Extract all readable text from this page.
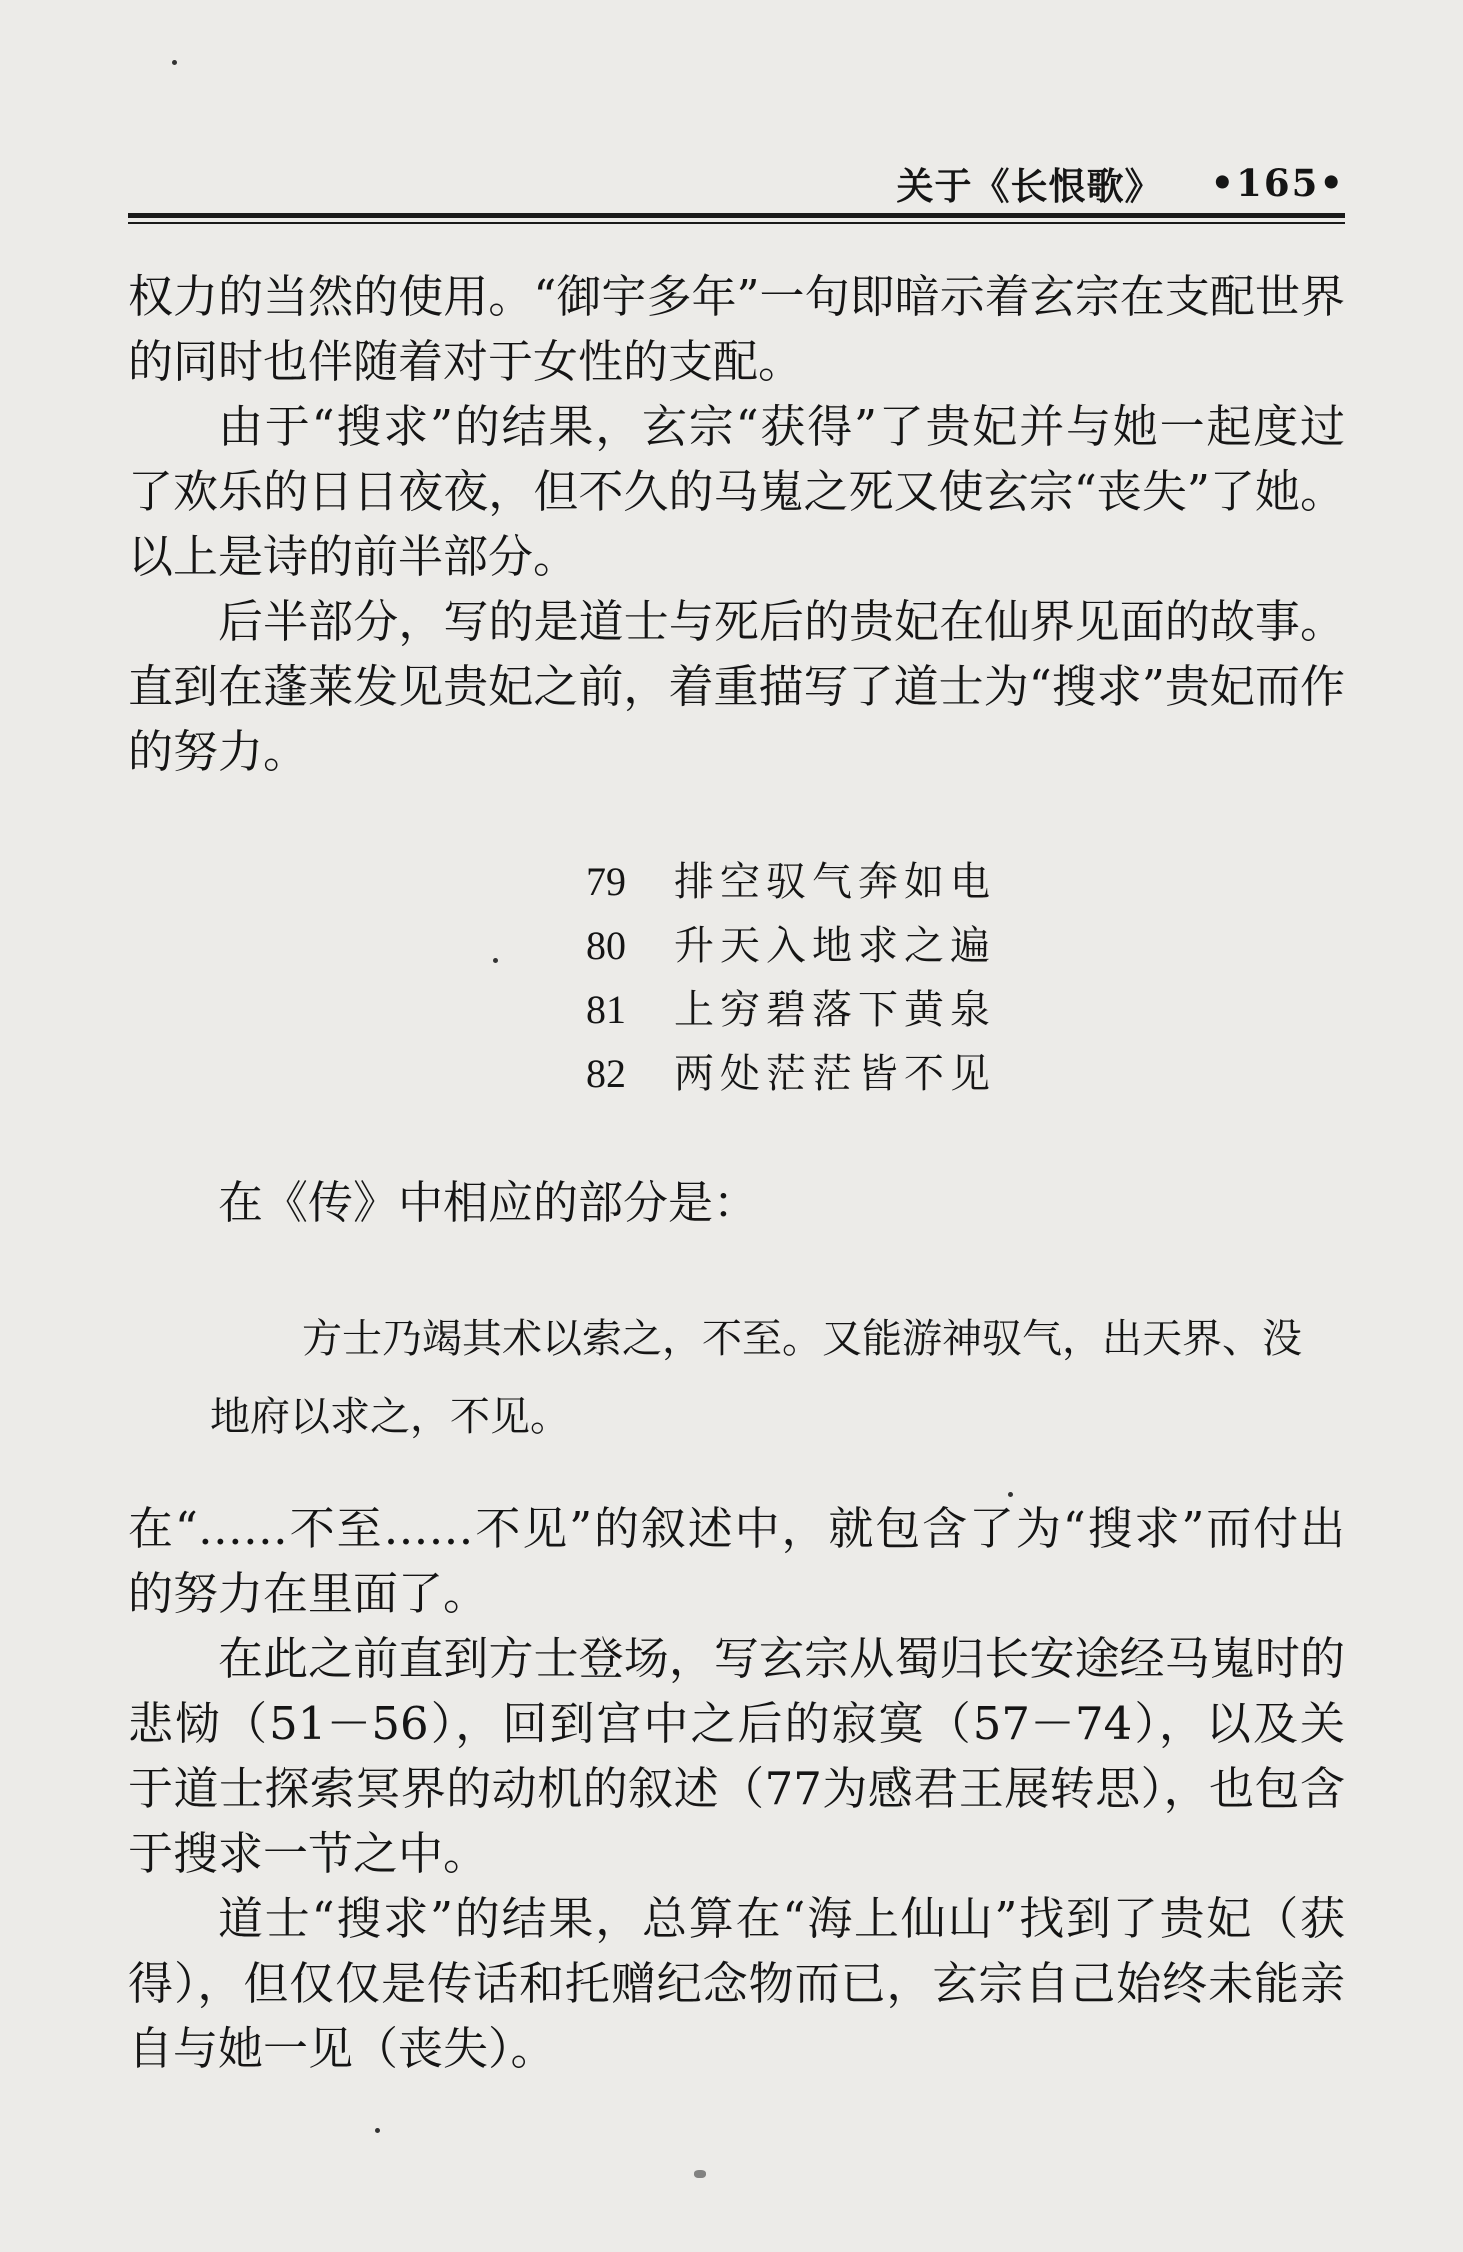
关于《长恨歌》 •165•

权力的当然的使用。“御宇多年”一句即暗示着玄宗在支配世界的同时也伴随着对于女性的支配。

由于“搜求”的结果，玄宗“获得”了贵妃并与她一起度过了欢乐的日日夜夜，但不久的马嵬之死又使玄宗“丧失”了她。以上是诗的前半部分。

后半部分，写的是道士与死后的贵妃在仙界见面的故事。直到在蓬莱发见贵妃之前，着重描写了道士为“搜求”贵妃而作的努力。

79 排空驭气奔如电
80 升天入地求之遍
81 上穷碧落下黄泉
82 两处茫茫皆不见

在《传》中相应的部分是：

方士乃竭其术以索之，不至。又能游神驭气，出天界、没地府以求之，不见。

在“……不至……不见”的叙述中，就包含了为“搜求”而付出的努力在里面了。

在此之前直到方士登场，写玄宗从蜀归长安途经马嵬时的悲恸（51－56），回到宫中之后的寂寞（57－74），以及关于道士探索冥界的动机的叙述（77为感君王展转思），也包含于搜求一节之中。

道士“搜求”的结果，总算在“海上仙山”找到了贵妃（获得），但仅仅是传话和托赠纪念物而已，玄宗自己始终未能亲自与她一见（丧失）。
